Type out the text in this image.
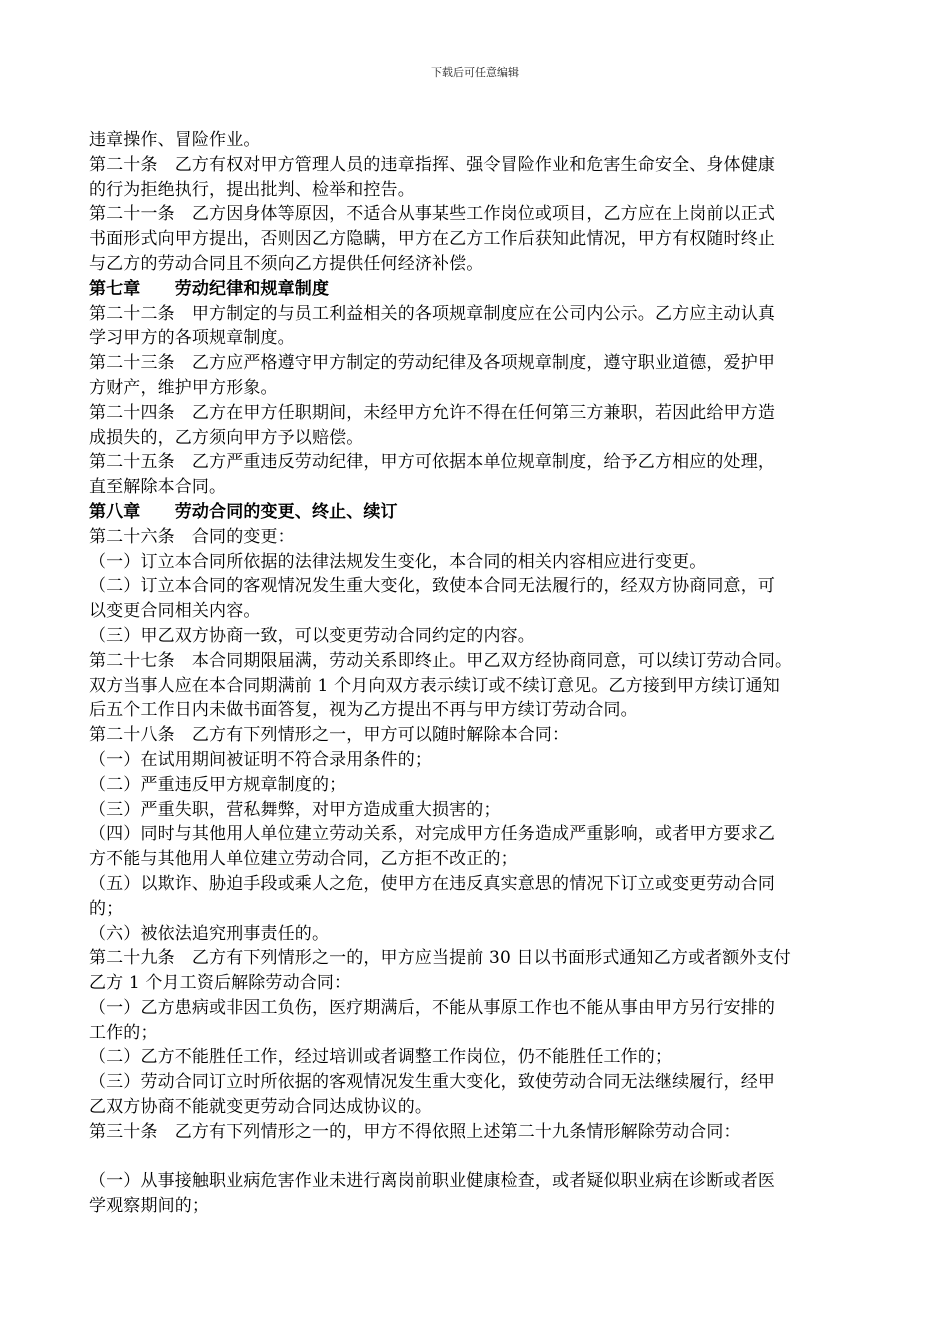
下载后可任意编辑
违章操作、冒险作业。
第二十条　乙方有权对甲方管理人员的违章指挥、强令冒险作业和危害生命安全、身体健康
的行为拒绝执行，提出批判、检举和控告。
第二十一条　乙方因身体等原因，不适合从事某些工作岗位或项目，乙方应在上岗前以正式
书面形式向甲方提出，否则因乙方隐瞒，甲方在乙方工作后获知此情况，甲方有权随时终止
与乙方的劳动合同且不须向乙方提供任何经济补偿。
第七章　　劳动纪律和规章制度
第二十二条　甲方制定的与员工利益相关的各项规章制度应在公司内公示。乙方应主动认真
学习甲方的各项规章制度。
第二十三条　乙方应严格遵守甲方制定的劳动纪律及各项规章制度，遵守职业道德，爱护甲
方财产，维护甲方形象。
第二十四条　乙方在甲方任职期间，未经甲方允许不得在任何第三方兼职，若因此给甲方造
成损失的，乙方须向甲方予以赔偿。
第二十五条　乙方严重违反劳动纪律，甲方可依据本单位规章制度，给予乙方相应的处理，
直至解除本合同。
第八章　　劳动合同的变更、终止、续订
第二十六条　合同的变更：
（一）订立本合同所依据的法律法规发生变化，本合同的相关内容相应进行变更。
（二）订立本合同的客观情况发生重大变化，致使本合同无法履行的，经双方协商同意，可
以变更合同相关内容。
（三）甲乙双方协商一致，可以变更劳动合同约定的内容。
第二十七条　本合同期限届满，劳动关系即终止。甲乙双方经协商同意，可以续订劳动合同。
双方当事人应在本合同期满前 1 个月向双方表示续订或不续订意见。乙方接到甲方续订通知
后五个工作日内未做书面答复，视为乙方提出不再与甲方续订劳动合同。
第二十八条　乙方有下列情形之一，甲方可以随时解除本合同：
（一）在试用期间被证明不符合录用条件的；
（二）严重违反甲方规章制度的；
（三）严重失职，营私舞弊，对甲方造成重大损害的；
（四）同时与其他用人单位建立劳动关系，对完成甲方任务造成严重影响，或者甲方要求乙
方不能与其他用人单位建立劳动合同，乙方拒不改正的；
（五）以欺诈、胁迫手段或乘人之危，使甲方在违反真实意思的情况下订立或变更劳动合同
的；
（六）被依法追究刑事责任的。
第二十九条　乙方有下列情形之一的，甲方应当提前 30 日以书面形式通知乙方或者额外支付
乙方 1 个月工资后解除劳动合同：
（一）乙方患病或非因工负伤，医疗期满后，不能从事原工作也不能从事由甲方另行安排的
工作的；
（二）乙方不能胜任工作，经过培训或者调整工作岗位，仍不能胜任工作的；
（三）劳动合同订立时所依据的客观情况发生重大变化，致使劳动合同无法继续履行，经甲
乙双方协商不能就变更劳动合同达成协议的。
第三十条　乙方有下列情形之一的，甲方不得依照上述第二十九条情形解除劳动合同：
（一）从事接触职业病危害作业未进行离岗前职业健康检查，或者疑似职业病在诊断或者医
学观察期间的；
